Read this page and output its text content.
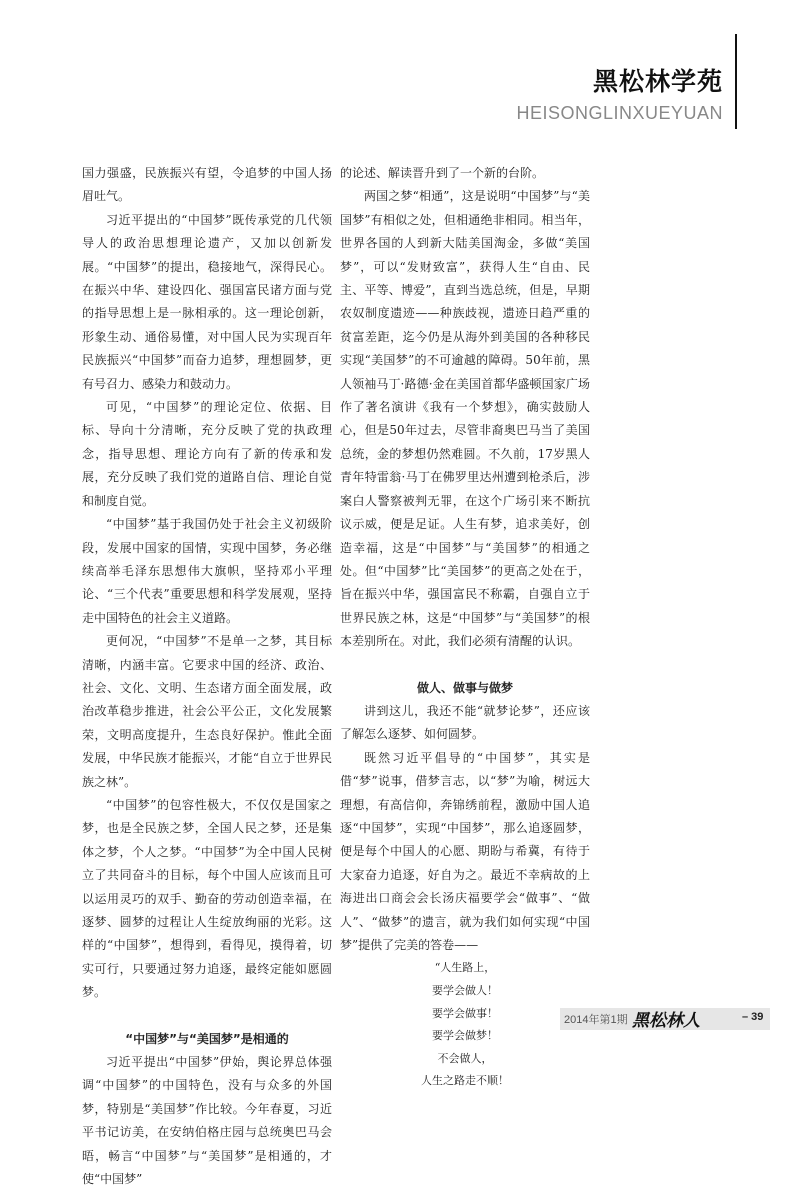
黑松林学苑
HEISONGLINXUEYUAN

国力强盛，民族振兴有望，令追梦的中国人扬眉吐气。

习近平提出的“中国梦”既传承党的几代领导人的政治思想理论遗产，又加以创新发展。“中国梦”的提出，稳接地气，深得民心。在振兴中华、建设四化、强国富民诸方面与党的指导思想上是一脉相承的。这一理论创新，形象生动、通俗易懂，对中国人民为实现百年民族振兴“中国梦”而奋力追梦，理想圆梦，更有号召力、感染力和鼓动力。

可见，“中国梦”的理论定位、依据、目标、导向十分清晰，充分反映了党的执政理念，指导思想、理论方向有了新的传承和发展，充分反映了我们党的道路自信、理论自觉和制度自觉。

“中国梦”基于我国仍处于社会主义初级阶段，发展中国家的国情，实现中国梦，务必继续高举毛泽东思想伟大旗帜，坚持邓小平理论、“三个代表”重要思想和科学发展观，坚持走中国特色的社会主义道路。

更何况，“中国梦”不是单一之梦，其目标清晰，内涵丰富。它要求中国的经济、政治、社会、文化、文明、生态诸方面全面发展，政治改革稳步推进，社会公平公正，文化发展繁荣，文明高度提升，生态良好保护。惟此全面发展，中华民族才能振兴，才能“自立于世界民族之林”。

“中国梦”的包容性极大，不仅仅是国家之梦，也是全民族之梦，全国人民之梦，还是集体之梦，个人之梦。“中国梦”为全中国人民树立了共同奋斗的目标，每个中国人应该而且可以运用灵巧的双手、勤奋的劳动创造幸福，在逐梦、圆梦的过程让人生绽放绚丽的光彩。这样的“中国梦”，想得到，看得见，摸得着，切实可行，只要通过努力追逐，最终定能如愿圆梦。

“中国梦”与“美国梦”是相通的

习近平提出“中国梦”伊始，舆论界总体强调“中国梦”的中国特色，没有与众多的外国梦，特别是“美国梦”作比较。今年春夏，习近平书记访美，在安纳伯格庄园与总统奥巴马会晤，畅言“中国梦”与“美国梦”是相通的，才使“中国梦”

的论述、解读晋升到了一个新的台阶。

两国之梦“相通”，这是说明“中国梦”与“美国梦”有相似之处，但相通绝非相同。相当年，世界各国的人到新大陆美国淘金，多做“美国梦”，可以“发财致富”，获得人生“自由、民主、平等、博爱”，直到当选总统，但是，早期农奴制度遗迹——种族歧视，遗迹日趋严重的贫富差距，迄今仍是从海外到美国的各种移民实现“美国梦”的不可逾越的障碍。50年前，黑人领袖马丁·路德·金在美国首都华盛顿国家广场作了著名演讲《我有一个梦想》，确实鼓励人心，但是50年过去，尽管非裔奥巴马当了美国总统，金的梦想仍然难圆。不久前，17岁黑人青年特雷翁·马丁在佛罗里达州遭到枪杀后，涉案白人警察被判无罪，在这个广场引来不断抗议示威，便是足证。人生有梦，追求美好，创造幸福，这是“中国梦”与“美国梦”的相通之处。但“中国梦”比“美国梦”的更高之处在于，旨在振兴中华，强国富民不称霸，自强自立于世界民族之林，这是“中国梦”与“美国梦”的根本差别所在。对此，我们必须有清醒的认识。

做人、做事与做梦

讲到这儿，我还不能“就梦论梦”，还应该了解怎么逐梦、如何圆梦。

既然习近平倡导的“中国梦”，其实是借“梦”说事，借梦言志，以“梦”为喻，树远大理想，有高信仰，奔锦绣前程，激励中国人追逐“中国梦”，实现“中国梦”，那么追逐圆梦，便是每个中国人的心愿、期盼与希冀，有待于大家奋力追逐，好自为之。最近不幸病故的上海进出口商会会长汤庆福要学会“做事”、“做人”、“做梦”的遗言，就为我们如何实现“中国梦”提供了完美的答卷——

“人生路上，
要学会做人！
要学会做事！
要学会做梦！
不会做人，
人生之路走不顺！
2014年第1期 黑松林人	– 39
